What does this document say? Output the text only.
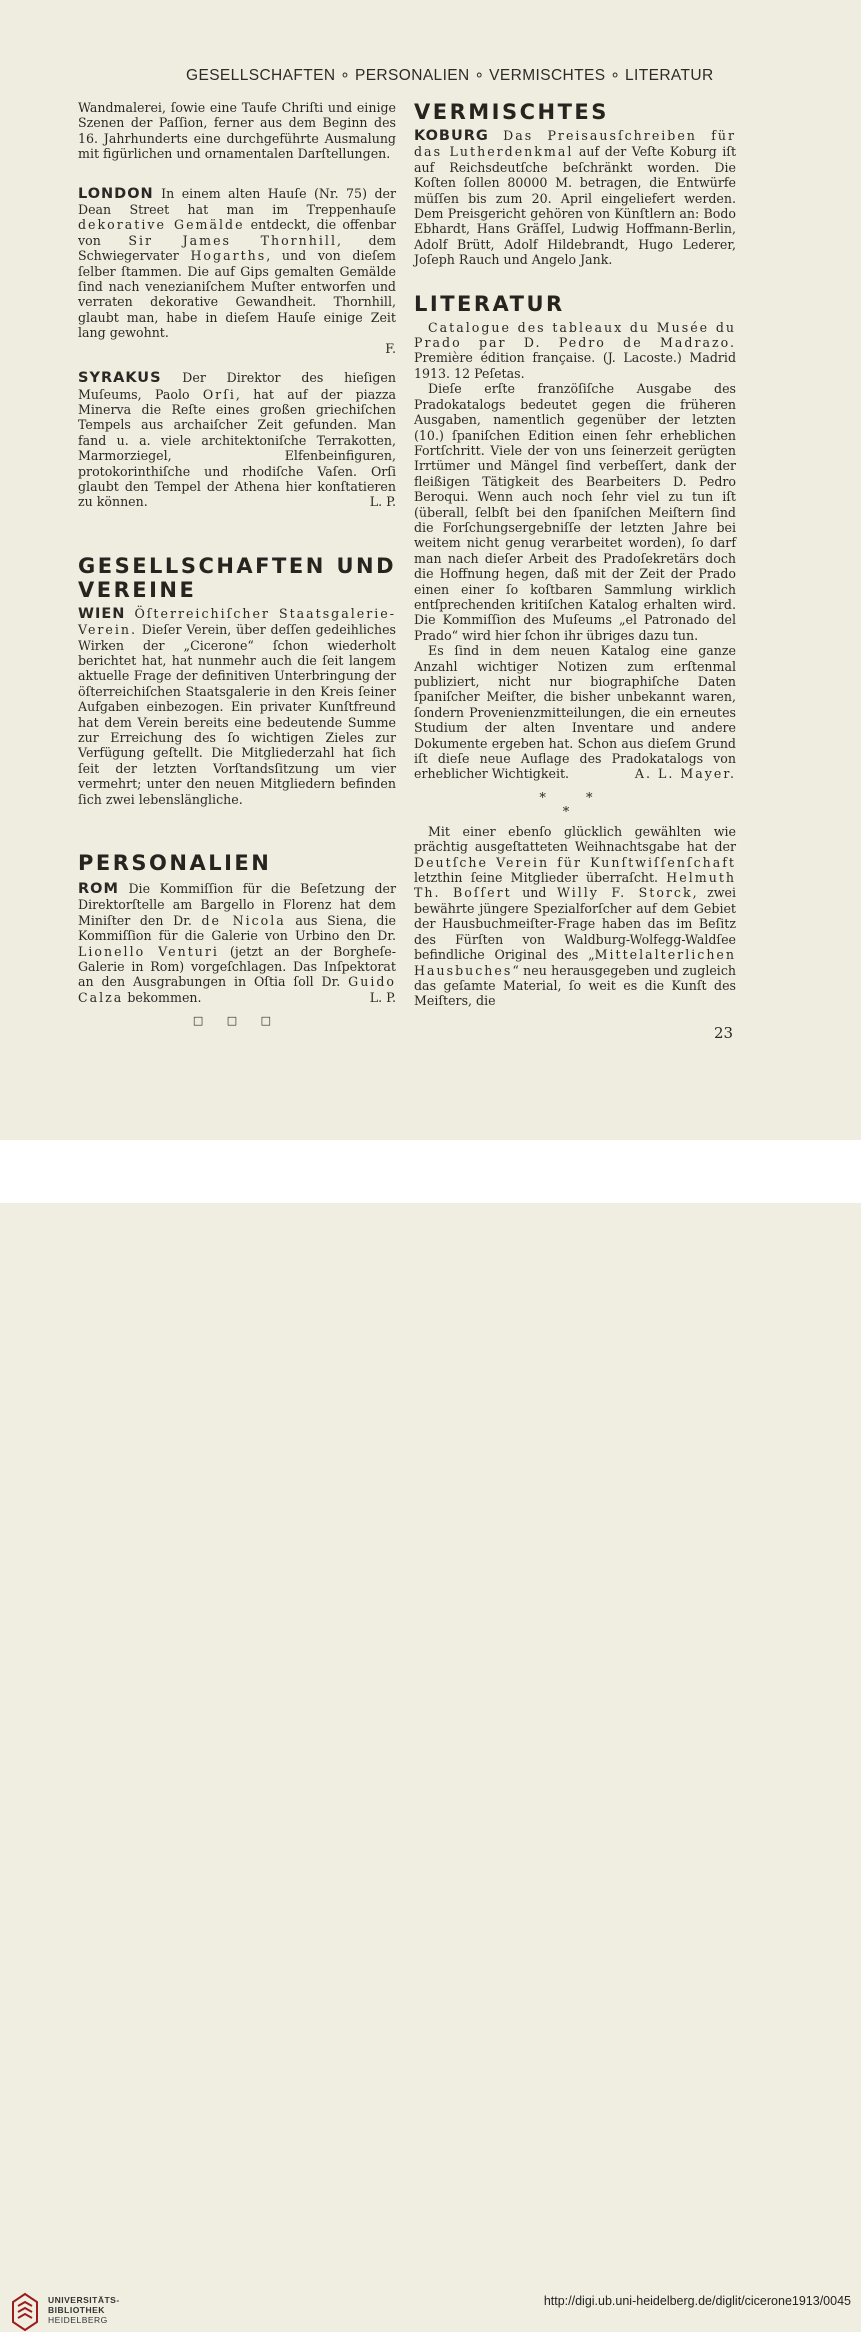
GESELLSCHAFTEN ∘ PERSONALIEN ∘ VERMISCHTES ∘ LITERATUR

Wandmalerei, ſowie eine Taufe Chriſti und einige Szenen der Paſſion, ferner aus dem Beginn des 16. Jahrhunderts eine durchgeführte Ausmalung mit figürlichen und ornamentalen Darſtellungen.

LONDON In einem alten Hauſe (Nr. 75) der Dean Street hat man im Treppenhauſe dekorative Gemälde entdeckt, die offenbar von Sir James Thornhill, dem Schwiegervater Hogarths, und von dieſem ſelber ſtammen. Die auf Gips gemalten Gemälde ſind nach venezianiſchem Muſter entworfen und verraten dekorative Gewandheit. Thornhill, glaubt man, habe in dieſem Hauſe einige Zeit lang gewohnt.

F.

SYRAKUS Der Direktor des hieſigen Muſeums, Paolo Orſi, hat auf der piazza Minerva die Reſte eines großen griechiſchen Tempels aus archaiſcher Zeit gefunden. Man fand u. a. viele architektoniſche Terrakotten, Marmorziegel, Elfenbeinfiguren, protokorinthiſche und rhodiſche Vaſen. Orſi glaubt den Tempel der Athena hier konſtatieren zu können.	L. P.

GESELLSCHAFTEN UND VEREINE

WIEN Öſterreichiſcher Staatsgalerie-Verein. Dieſer Verein, über deſſen gedeihliches Wirken der „Cicerone“ ſchon wiederholt berichtet hat, hat nunmehr auch die ſeit langem aktuelle Frage der definitiven Unterbringung der öſterreichiſchen Staatsgalerie in den Kreis ſeiner Aufgaben einbezogen. Ein privater Kunſtfreund hat dem Verein bereits eine bedeutende Summe zur Erreichung des ſo wichtigen Zieles zur Verfügung geſtellt. Die Mitgliederzahl hat ſich ſeit der letzten Vorſtandsſitzung um vier vermehrt; unter den neuen Mitgliedern befinden ſich zwei lebenslängliche.

PERSONALIEN

ROM Die Kommiſſion für die Beſetzung der Direktorſtelle am Bargello in Florenz hat dem Miniſter den Dr. de Nicola aus Siena, die Kommiſſion für die Galerie von Urbino den Dr. Lionello Venturi (jetzt an der Borgheſe-Galerie in Rom) vorgeſchlagen. Das Inſpektorat an den Ausgrabungen in Oſtia ſoll Dr. Guido Calza bekommen.	L. P.

□ □ □
VERMISCHTES

KOBURG Das Preisausſchreiben für das Lutherdenkmal auf der Veſte Koburg iſt auf Reichsdeutſche beſchränkt worden. Die Koſten ſollen 80000 M. betragen, die Entwürfe müſſen bis zum 20. April eingeliefert werden. Dem Preisgericht gehören von Künſtlern an: Bodo Ebhardt, Hans Gräſſel, Ludwig Hoffmann-Berlin, Adolf Brütt, Adolf Hildebrandt, Hugo Lederer, Joſeph Rauch und Angelo Jank.

LITERATUR

Catalogue des tableaux du Musée du Prado par D. Pedro de Madrazo. Première édition française. (J. Lacoste.) Madrid 1913. 12 Peſetas.

Dieſe erſte franzöſiſche Ausgabe des Pradokatalogs bedeutet gegen die früheren Ausgaben, namentlich gegenüber der letzten (10.) ſpaniſchen Edition einen ſehr erheblichen Fortſchritt. Viele der von uns ſeinerzeit gerügten Irrtümer und Mängel ſind verbeſſert, dank der fleißigen Tätigkeit des Bearbeiters D. Pedro Beroqui. Wenn auch noch ſehr viel zu tun iſt (überall, ſelbſt bei den ſpaniſchen Meiſtern ſind die Forſchungsergebniſſe der letzten Jahre bei weitem nicht genug verarbeitet worden), ſo darf man nach dieſer Arbeit des Pradoſekretärs doch die Hoffnung hegen, daß mit der Zeit der Prado einen einer ſo koſtbaren Sammlung wirklich entſprechenden kritiſchen Katalog erhalten wird. Die Kommiſſion des Muſeums „el Patronado del Prado“ wird hier ſchon ihr übriges dazu tun.

Es ſind in dem neuen Katalog eine ganze Anzahl wichtiger Notizen zum erſtenmal publiziert, nicht nur biographiſche Daten ſpaniſcher Meiſter, die bisher unbekannt waren, ſondern Provenienzmitteilungen, die ein erneutes Studium der alten Inventare und andere Dokumente ergeben hat. Schon aus dieſem Grund iſt dieſe neue Auflage des Pradokatalogs von erheblicher Wichtigkeit.	A. L. Mayer.

* *
*

Mit einer ebenſo glücklich gewählten wie prächtig ausgeſtatteten Weihnachtsgabe hat der Deutſche Verein für Kunſtwiſſenſchaft letzthin ſeine Mitglieder überraſcht. Helmuth Th. Boſſert und Willy F. Storck, zwei bewährte jüngere Spezialforſcher auf dem Gebiet der Hausbuchmeiſter-Frage haben das im Beſitz des Fürſten von Waldburg-Wolfegg-Waldſee befindliche Original des „Mittelalterlichen Hausbuches“ neu herausgegeben und zugleich das geſamte Material, ſo weit es die Kunſt des Meiſters, die

23
UNIVERSITÄTS-
BIBLIOTHEK
HEIDELBERG
http://digi.ub.uni-heidelberg.de/diglit/cicerone1913/0045
